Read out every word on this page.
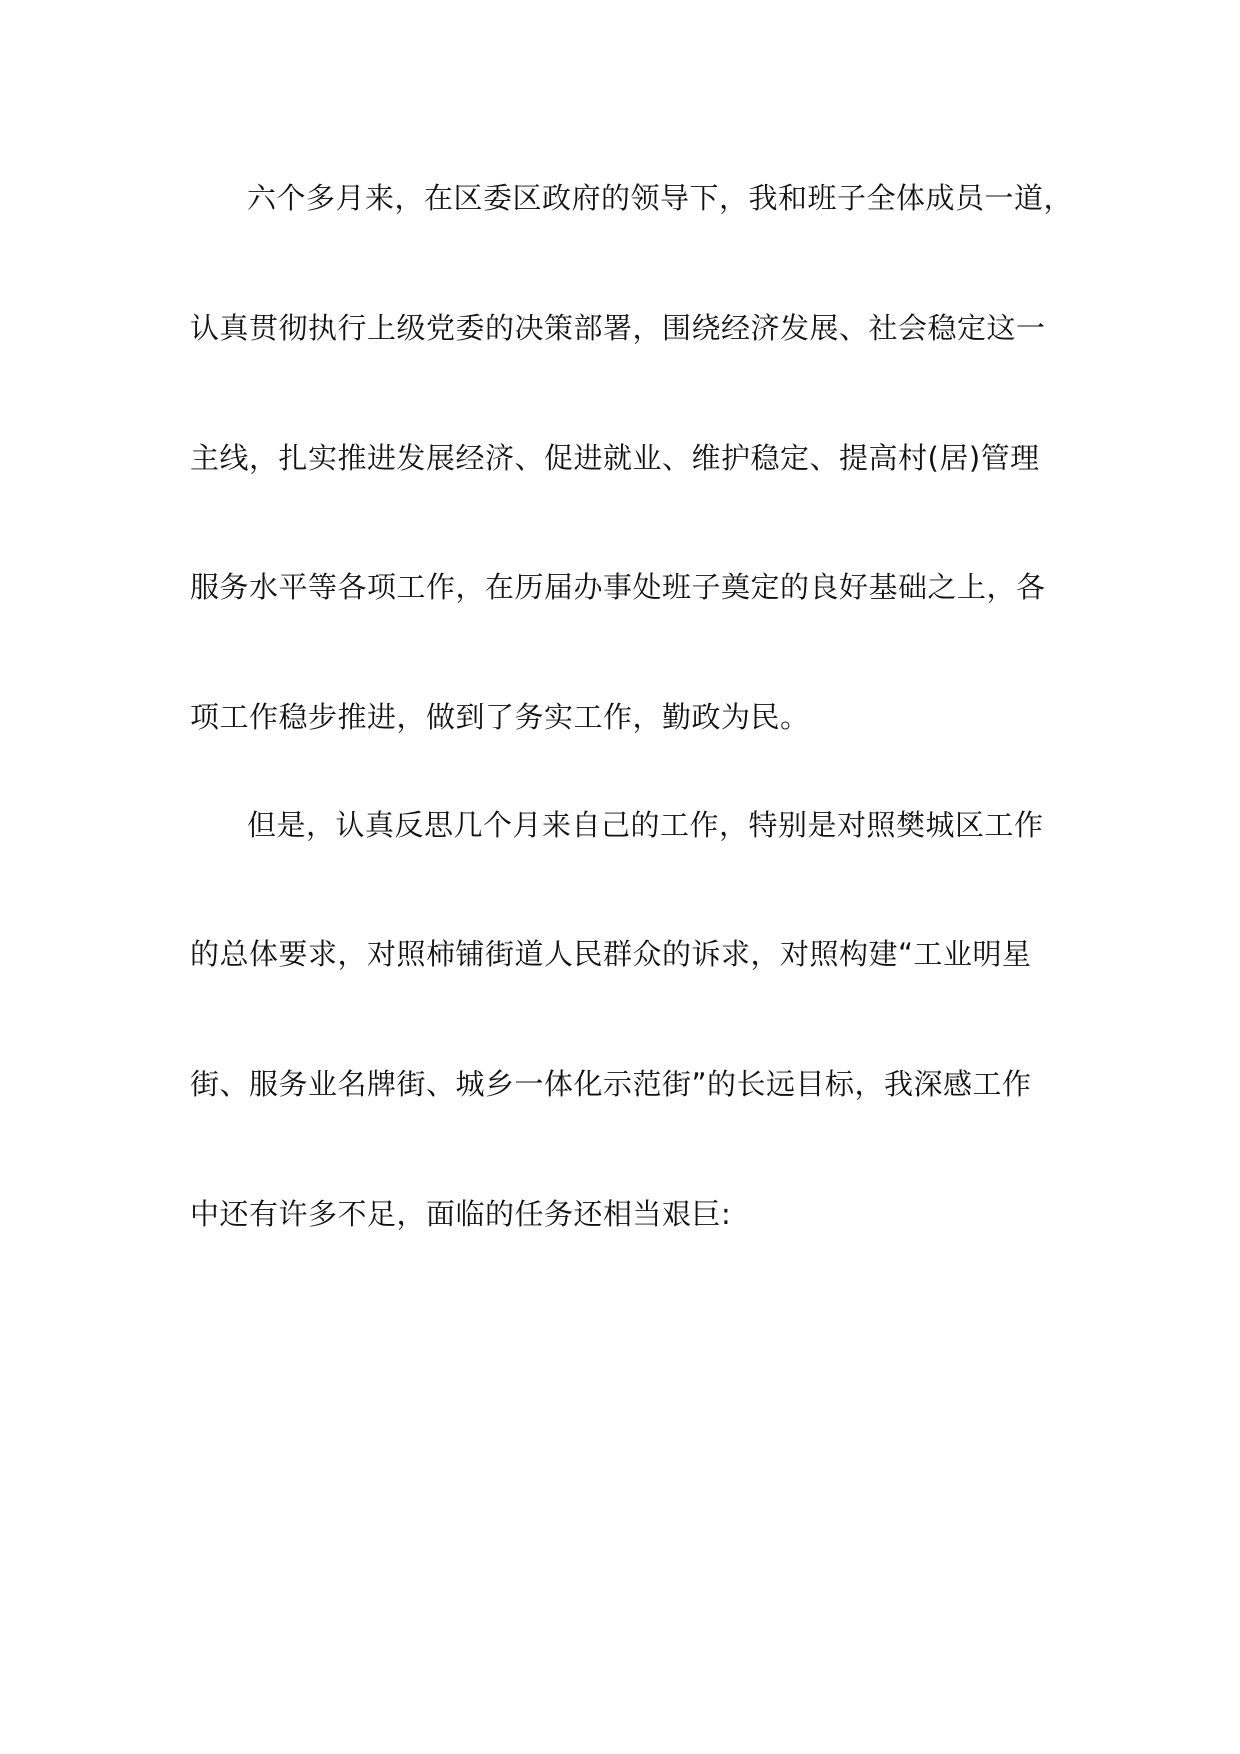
六个多月来，在区委区政府的领导下，我和班子全体成员一道，
认真贯彻执行上级党委的决策部署，围绕经济发展、社会稳定这一
主线，扎实推进发展经济、促进就业、维护稳定、提高村(居)管理
服务水平等各项工作，在历届办事处班子奠定的良好基础之上，各
项工作稳步推进，做到了务实工作，勤政为民。
但是，认真反思几个月来自己的工作，特别是对照樊城区工作
的总体要求，对照柿铺街道人民群众的诉求，对照构建“工业明星
街、服务业名牌街、城乡一体化示范街”的长远目标，我深感工作
中还有许多不足，面临的任务还相当艰巨:
